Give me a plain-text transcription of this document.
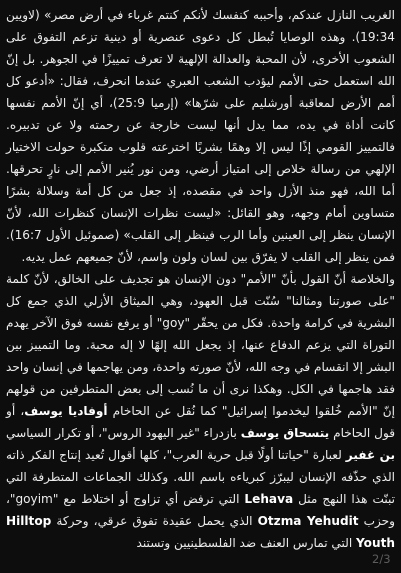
الغريب النازل عندكم، وأحببه كنفسك لأنكم كنتم غرباء في أرض مصر» (لاويين 19:34). وهذه الوصايا تُبطل كل دعوى عنصرية أو دينية تزعم التفوق على الشعوب الأخرى، لأن المحبة والعدالة الإلهية لا تعرف تمييزًا في الجوهر. بل إنّ الله استعمل حتى الأمم ليؤدب الشعب العبري عندما انحرف، فقال: «أدعو كل أمم الأرض لمعاقبة أورشليم على شرّها» (إرميا 25:9)، أي إنّ الأمم نفسها كانت أداة في يده، مما يدل أنها ليست خارجة عن رحمته ولا عن تدبيره. فالتمييز القومي إذًا ليس إلا وهمًا بشريًا اخترعته قلوب متكبرة حولت الاختيار الإلهي من رسالة خلاص إلى امتياز أرضي، ومن نور يُنير الأمم إلى نارٍ تحرقها. أما الله، فهو منذ الأزل واحد في مقصده، إذ جعل من كل أمة وسلالة بشرًا متساوين أمام وجهه، وهو القائل: «ليست نظرات الإنسان كنظرات الله، لأنّ الإنسان ينظر إلى العينين وأما الرب فينظر إلى القلب» (صموئيل الأول 16:7). فمن ينظر إلى القلب لا يفرّق بين لسان ولون واسم، لأنّ جميعهم عمل يديه.

والخلاصة أنّ القول بأنّ "الأمم" دون الإنسان هو تجديف على الخالق، لأنّ كلمة "على صورتنا ومثالنا" سُنّت قبل العهود، وهي الميثاق الأزلي الذي جمع كل البشرية في كرامة واحدة. فكل من يحقّر "goy" أو يرفع نفسه فوق الآخر يهدم التوراة التي يزعم الدفاع عنها، إذ يجعل الله إلهًا لا إله محبة. وما التمييز بين البشر إلا انقسام في وجه الله، لأنّ صورته واحدة، ومن يهاجمها في إنسان واحد فقد هاجمها في الكل. وهكذا نرى أن ما نُسب إلى بعض المتطرفين من قولهم إنّ "الأمم خُلقوا ليخدموا إسرائيل" كما نُقل عن الحاخام أوفاديا يوسف، أو قول الحاخام يتسحاق يوسف بازدراء "غير اليهود الروس"، أو تكرار السياسي بن غفير لعبارة "حياتنا أولًا قبل حرية العرب"، كلها أقوال تُعيد إنتاج الفكر ذاته الذي حذّفه الإنسان ليبرّز كبرياءه باسم الله. وكذلك الجماعات المتطرفة التي تبنّت هذا النهج مثل Lehava التي ترفض أي تزاوج أو اختلاط مع "goyim"، وحزب Otzma Yehudit الذي يحمل عقيدة تفوق عرقي، وحركة Hilltop Youth التي تمارس العنف ضد الفلسطينيين وتستند

2/3
